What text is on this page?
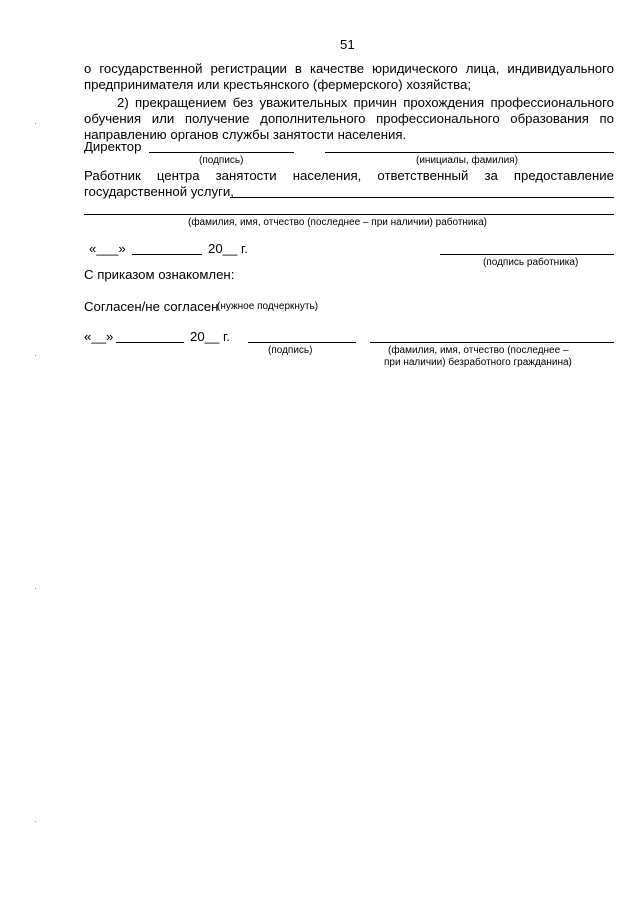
51
о государственной регистрации в качестве юридического лица, индивидуального
предпринимателя или крестьянского (фермерского) хозяйства;
2) прекращением без уважительных причин прохождения профессионального
обучения или получение дополнительного профессионального образования по
направлению органов службы занятости населения.
Директор
(подпись)	(инициалы, фамилия)
Работник центра занятости населения, ответственный за предоставление
государственной услуги,
(фамилия, имя, отчество (последнее – при наличии) работника)
«___»	20__ г.
(подпись работника)
С приказом ознакомлен:
Согласен/не согласен
(нужное подчеркнуть)
«__»	20__ г.
(подпись)	(фамилия, имя, отчество (последнее –
при наличии) безработного гражданина)
